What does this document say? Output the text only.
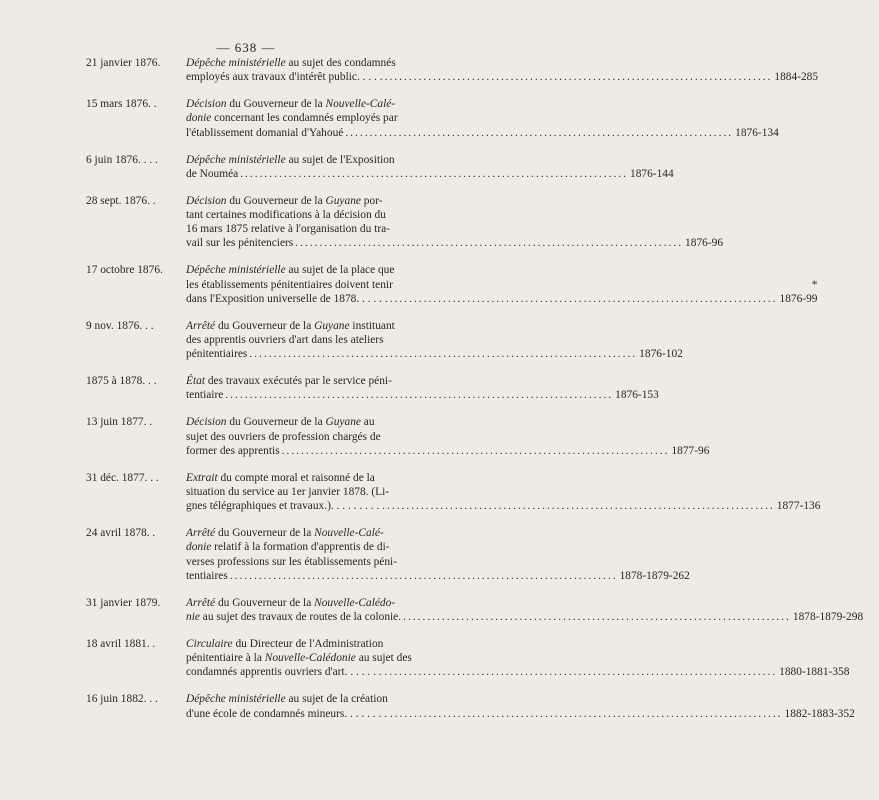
— 638 —
21 janvier 1876.	Dépêche ministérielle au sujet des condamnés
employés aux travaux d'intérêt public. . . . . ................................................................................ 1884-285
15 mars 1876. .	Décision du Gouverneur de la Nouvelle-Calé-
donie concernant les condamnés employés par
l'établissement domanial d'Yahoué ................................................................................ 1876-134
6 juin 1876. . . .	Dépêche ministérielle au sujet de l'Exposition
de Nouméa ................................................................................ 1876-144
28 sept. 1876. .	Décision du Gouverneur de la Guyane por-
tant certaines modifications à la décision du
16 mars 1875 relative à l'organisation du tra-
vail sur les pénitenciers ................................................................................ 1876-96
17 octobre 1876.	Dépêche ministérielle au sujet de la place que
les établissements pénitentiaires doivent tenir	*
dans l'Exposition universelle de 1878. . . . . . ................................................................................ 1876-99
9 nov. 1876. . .	Arrêté du Gouverneur de la Guyane instituant
des apprentis ouvriers d'art dans les ateliers
pénitentiaires ................................................................................ 1876-102
1875 à 1878. . .	État des travaux exécutés par le service péni-
tentiaire ................................................................................ 1876-153
13 juin 1877. .	Décision du Gouverneur de la Guyane au
sujet des ouvriers de profession chargés de
former des apprentis ................................................................................ 1877-96
31 déc. 1877. . .	Extrait du compte moral et raisonné de la
situation du service au 1er janvier 1878. (Li-
gnes télégraphiques et travaux.). . . . . . . . . . ................................................................................ 1877-136
24 avril 1878. .	Arrêté du Gouverneur de la Nouvelle-Calé-
donie relatif à la formation d'apprentis de di-
verses professions sur les établissements péni-
tentiaires ................................................................................ 1878-1879-262
31 janvier 1879.	Arrêté du Gouverneur de la Nouvelle-Calédo-
nie au sujet des travaux de routes de la colonie. ................................................................................ 1878-1879-298
18 avril 1881. .	Circulaire du Directeur de l'Administration
pénitentiaire à la Nouvelle-Calédonie au sujet des
condamnés apprentis ouvriers d'art. . . . . . . . ................................................................................ 1880-1881-358
16 juin 1882. . .	Dépêche ministérielle au sujet de la création
d'une école de condamnés mineurs. . . . . . . . . ................................................................................ 1882-1883-352
